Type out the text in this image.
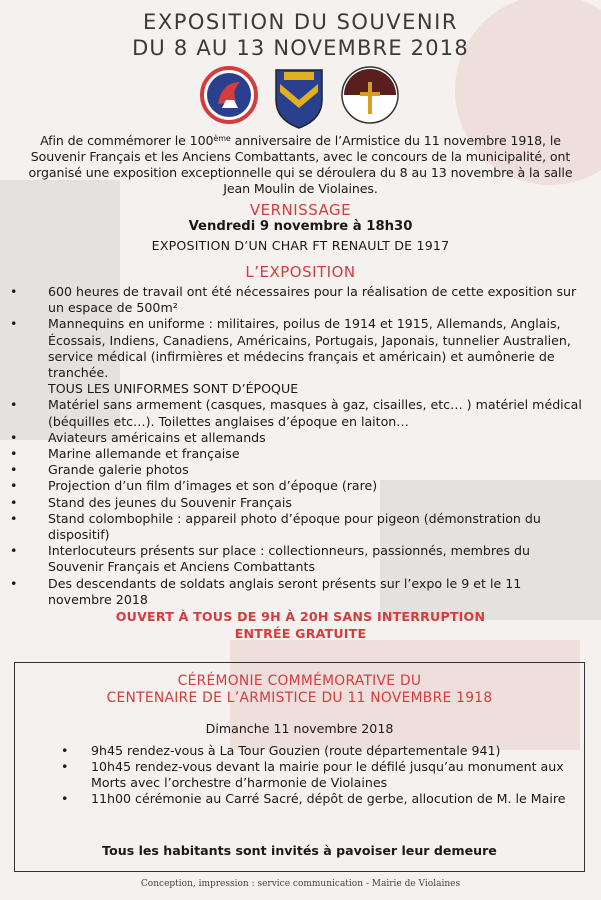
EXPOSITION DU SOUVENIR
DU 8 AU 13 NOVEMBRE 2018
Afin de commémorer le 100ème anniversaire de l’Armistice du 11 novembre 1918, le Souvenir Français et les Anciens Combattants, avec le concours de la municipalité, ont organisé une exposition exceptionnelle qui se déroulera du 8 au 13 novembre à la salle Jean Moulin de Violaines.
VERNISSAGE
Vendredi 9 novembre à 18h30
EXPOSITION D’UN CHAR FT RENAULT DE 1917
L’EXPOSITION
• 600 heures de travail ont été nécessaires pour la réalisation de cette exposition sur un espace de 500m²
• Mannequins en uniforme : militaires, poilus de 1914 et 1915, Allemands, Anglais, Écossais, Indiens, Canadiens, Américains, Portugais, Japonais, tunnelier Australien, service médical (infirmières et médecins français et américain) et aumônerie de tranchée.
TOUS LES UNIFORMES SONT D’ÉPOQUE
• Matériel sans armement (casques, masques à gaz, cisailles, etc… ) matériel médical (béquilles etc…). Toilettes anglaises d’époque en laiton…
• Aviateurs américains et allemands
• Marine allemande et française
• Grande galerie photos
• Projection d’un film d’images et son d’époque (rare)
• Stand des jeunes du Souvenir Français
• Stand colombophile : appareil photo d’époque pour pigeon (démonstration du dispositif)
• Interlocuteurs présents sur place : collectionneurs, passionnés, membres du Souvenir Français et Anciens Combattants
• Des descendants de soldats anglais seront présents sur l’expo le 9 et le 11 novembre 2018
OUVERT À TOUS DE 9H À 20H SANS INTERRUPTION
ENTRÉE GRATUITE
CÉRÉMONIE COMMÉMORATIVE DU
CENTENAIRE DE L’ARMISTICE DU 11 NOVEMBRE 1918
Dimanche 11 novembre 2018
• 9h45 rendez-vous à La Tour Gouzien (route départementale 941)
• 10h45 rendez-vous devant la mairie pour le défilé jusqu’au monument aux Morts avec l’orchestre d’harmonie de Violaines
• 11h00 cérémonie au Carré Sacré, dépôt de gerbe, allocution de M. le Maire
Tous les habitants sont invités à pavoiser leur demeure
Conception, impression : service communication - Mairie de Violaines
